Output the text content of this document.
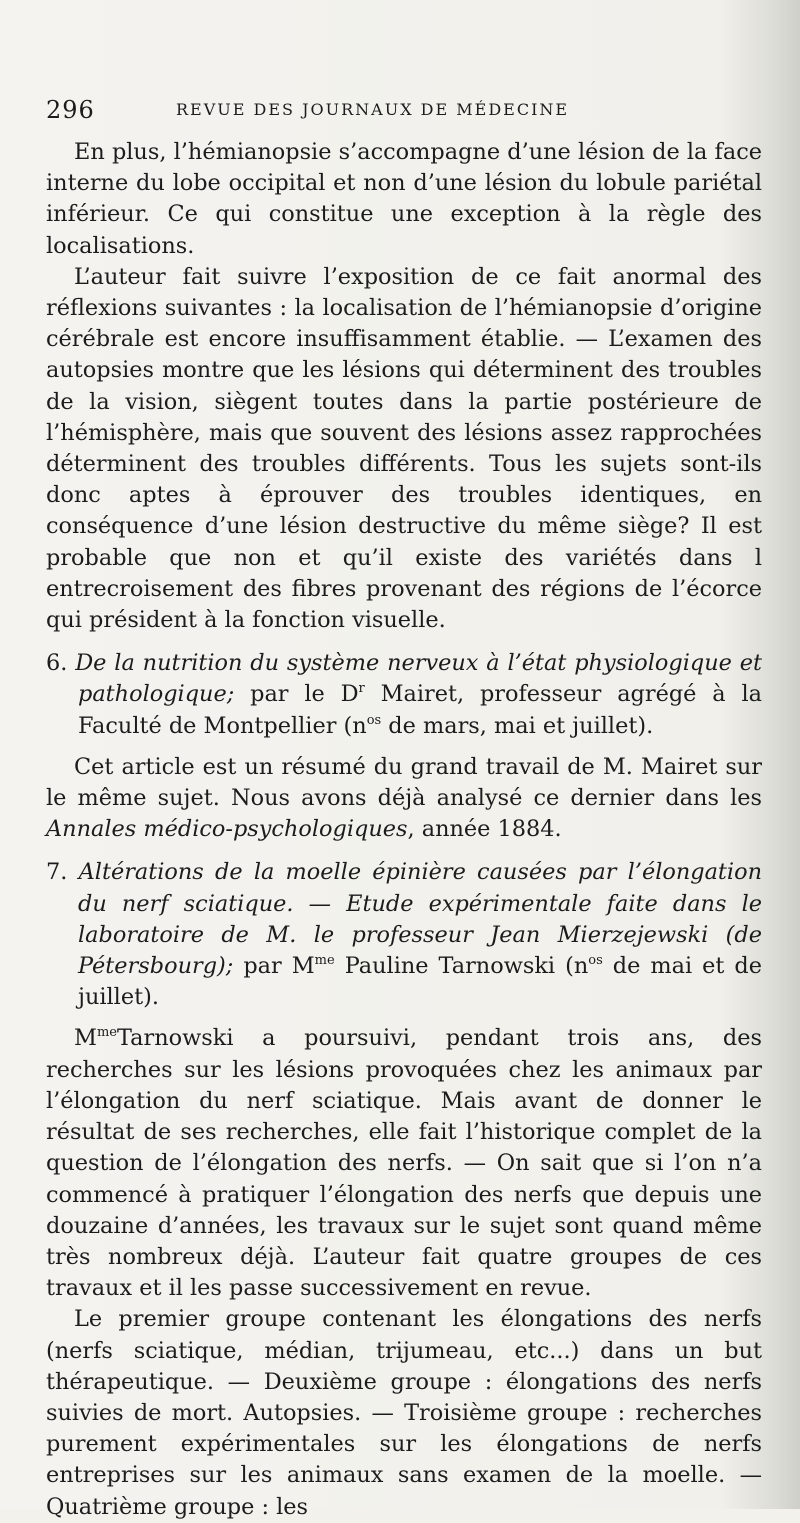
296	REVUE DES JOURNAUX DE MÉDECINE

En plus, l’hémianopsie s’accompagne d’une lésion de la face interne du lobe occipital et non d’une lésion du lobule pariétal inférieur. Ce qui constitue une exception à la règle des localisations.

L’auteur fait suivre l’exposition de ce fait anormal des réflexions suivantes : la localisation de l’hémianopsie d’origine cérébrale est encore insuffisamment établie. — L’examen des autopsies montre que les lésions qui déterminent des troubles de la vision, siègent toutes dans la partie postérieure de l’hémisphère, mais que souvent des lésions assez rapprochées déterminent des troubles différents. Tous les sujets sont-ils donc aptes à éprouver des troubles identiques, en conséquence d’une lésion destructive du même siège? Il est probable que non et qu’il existe des variétés dans l entrecroisement des fibres provenant des régions de l’écorce qui président à la fonction visuelle.

6. De la nutrition du système nerveux à l’état physiologique et pathologique; par le $D^r$ Mairet, professeur agrégé à la Faculté de Montpellier ($n^{os}$ de mars, mai et juillet).

Cet article est un résumé du grand travail de M. Mairet sur le même sujet. Nous avons déjà analysé ce dernier dans les Annales médico-psychologiques, année 1884.

7. Altérations de la moelle épinière causées par l’élongation du nerf sciatique. — Etude expérimentale faite dans le laboratoire de M. le professeur Jean Mierzejewski (de Pétersbourg); par $M^{me}$ Pauline Tarnowski ($n^{os}$ de mai et de juillet).

$M^{me}Tarnowski$ a poursuivi, pendant trois ans, des recherches sur les lésions provoquées chez les animaux par l’élongation du nerf sciatique. Mais avant de donner le résultat de ses recherches, elle fait l’historique complet de la question de l’élongation des nerfs. — On sait que si l’on n’a commencé à pratiquer l’élongation des nerfs que depuis une douzaine d’années, les travaux sur le sujet sont quand même très nombreux déjà. L’auteur fait quatre groupes de ces travaux et il les passe successivement en revue.

Le premier groupe contenant les élongations des nerfs (nerfs sciatique, médian, trijumeau, etc...) dans un but thérapeutique. — Deuxième groupe : élongations des nerfs suivies de mort. Autopsies. — Troisième groupe : recherches purement expérimentales sur les élongations de nerfs entreprises sur les animaux sans examen de la moelle. — Quatrième groupe : les
